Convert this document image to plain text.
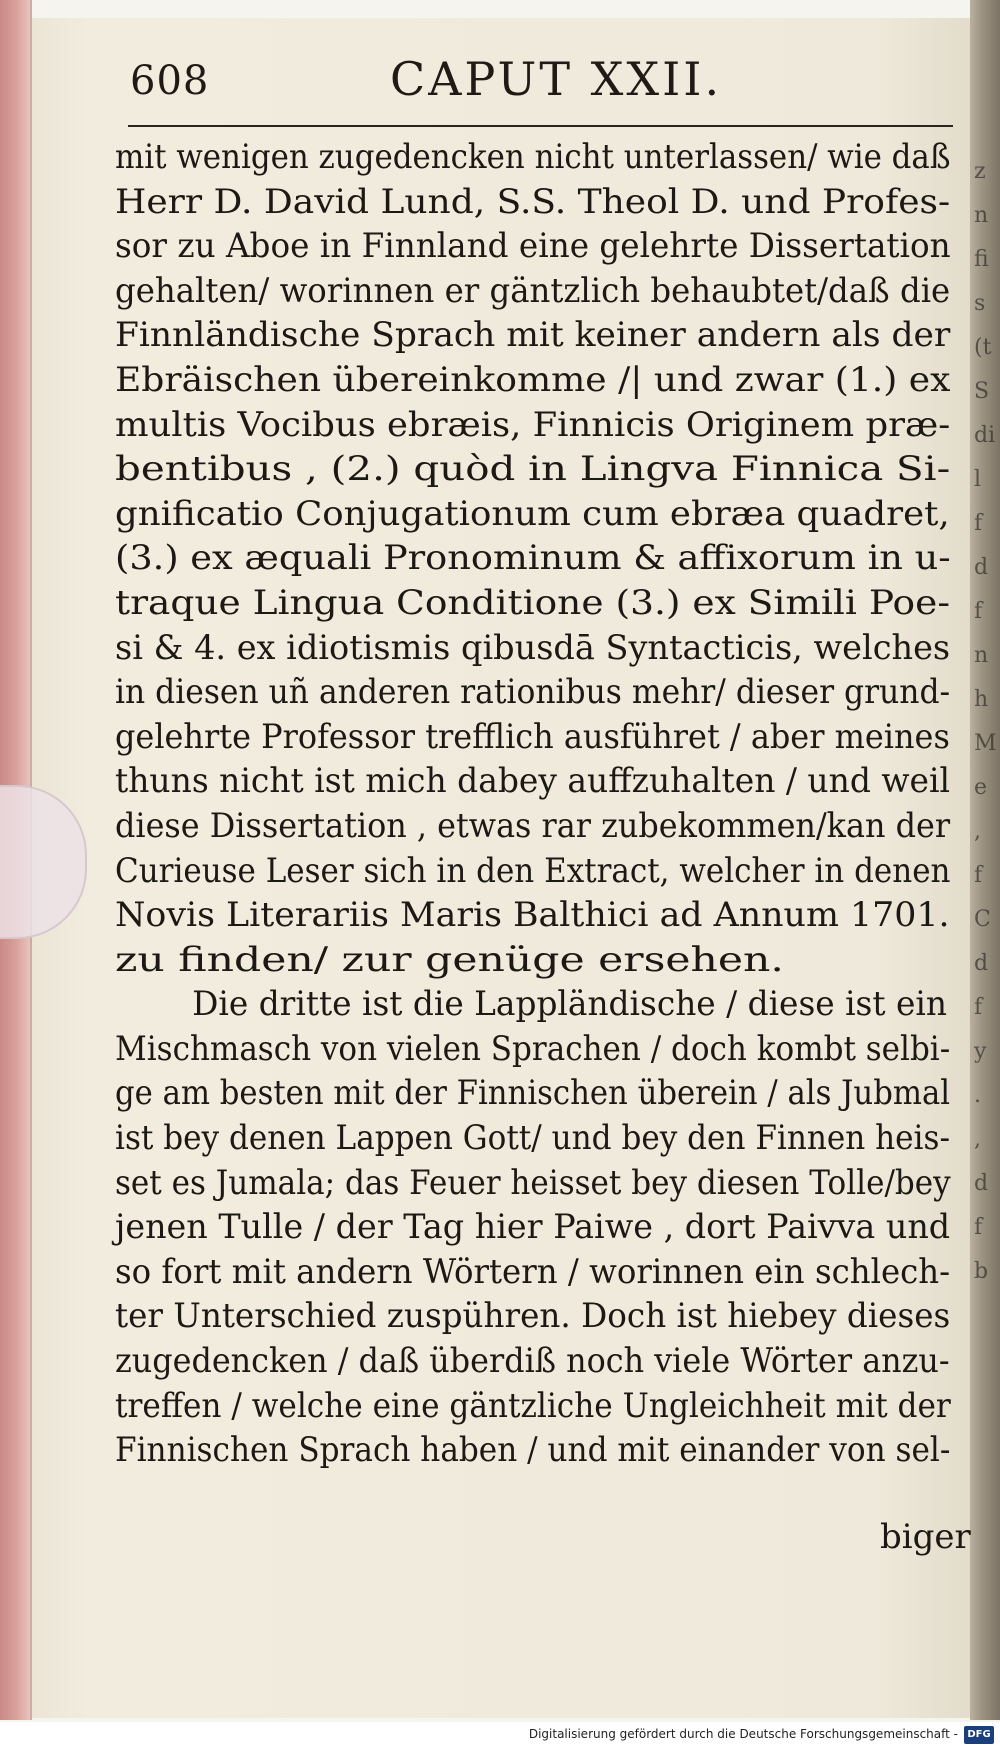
z
n
fi
s
(t
S
di
l
f
d
f
n
h
M
e
,
f
C
d
f
y
.
,
d
f
b
608	CAPUT XXII.
mit wenigen zugedencken nicht unterlassen/ wie daß
Herr D. David Lund, S.S. Theol D. und Profes-
sor zu Aboe in Finnland eine gelehrte Dissertation
gehalten/ worinnen er gäntzlich behaubtet/daß die
Finnländische Sprach mit keiner andern als der
Ebräischen übereinkomme /| und zwar (1.) ex
multis Vocibus ebræis, Finnicis Originem præ-
bentibus , (2.) quòd in Lingva Finnica Si-
gnificatio Conjugationum cum ebræa quadret,
(3.) ex æquali Pronominum & affixorum in u-
traque Lingua Conditione (3.) ex Simili Poe-
si & 4. ex idiotismis qibusdā Syntacticis, welches
in diesen uñ anderen rationibus mehr/ dieser grund-
gelehrte Professor trefflich ausführet / aber meines
thuns nicht ist mich dabey auffzuhalten / und weil
diese Dissertation , etwas rar zubekommen/kan der
Curieuse Leser sich in den Extract, welcher in denen
Novis Literariis Maris Balthici ad Annum 1701.
zu finden/ zur genüge ersehen.
Die dritte ist die Lappländische / diese ist ein
Mischmasch von vielen Sprachen / doch kombt selbi-
ge am besten mit der Finnischen überein / als Jubmal
ist bey denen Lappen Gott/ und bey den Finnen heis-
set es Jumala; das Feuer heisset bey diesen Tolle/bey
jenen Tulle / der Tag hier Paiwe , dort Paivva und
so fort mit andern Wörtern / worinnen ein schlech-
ter Unterschied zuspühren. Doch ist hiebey dieses
zugedencken / daß überdiß noch viele Wörter anzu-
treffen / welche eine gäntzliche Ungleichheit mit der
Finnischen Sprach haben / und mit einander von sel-
biger
Digitalisierung gefördert durch die Deutsche Forschungsgemeinschaft - DFG
